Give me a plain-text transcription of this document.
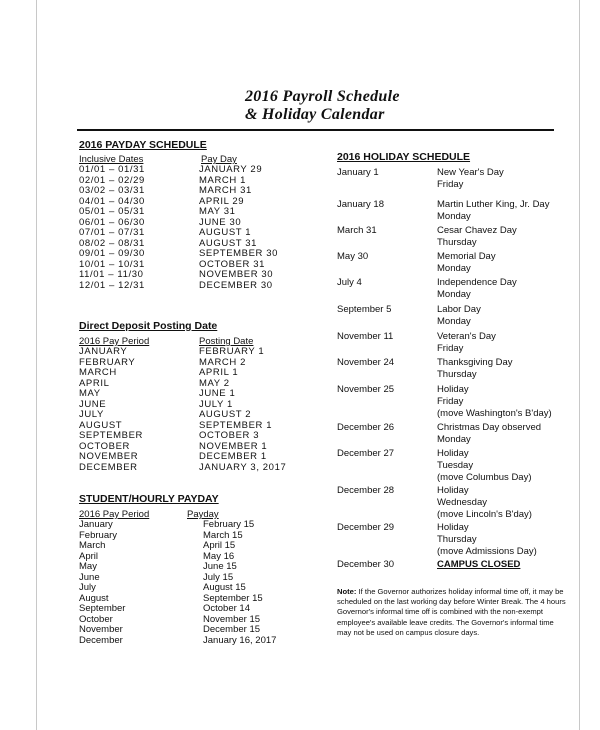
2016 Payroll Schedule
& Holiday Calendar
2016 PAYDAY SCHEDULE
Inclusive Dates	Pay Day
01/01 – 01/31	JANUARY 29
02/01 – 02/29	MARCH 1
03/02 – 03/31	MARCH 31
04/01 – 04/30	APRIL 29
05/01 – 05/31	MAY 31
06/01 – 06/30	JUNE 30
07/01 – 07/31	AUGUST 1
08/02 – 08/31	AUGUST 31
09/01 – 09/30	SEPTEMBER 30
10/01 – 10/31	OCTOBER 31
11/01 – 11/30	NOVEMBER 30
12/01 – 12/31	DECEMBER 30
Direct Deposit Posting Date
2016 Pay Period	Posting Date
JANUARY	FEBRUARY 1
FEBRUARY	MARCH 2
MARCH	APRIL 1
APRIL	MAY 2
MAY	JUNE 1
JUNE	JULY 1
JULY	AUGUST 2
AUGUST	SEPTEMBER 1
SEPTEMBER	OCTOBER 3
OCTOBER	NOVEMBER 1
NOVEMBER	DECEMBER 1
DECEMBER	JANUARY 3, 2017
STUDENT/HOURLY PAYDAY
2016 Pay Period	Payday
January	February 15
February	March 15
March	April 15
April	May 16
May	June 15
June	July 15
July	August 15
August	September 15
September	October 14
October	November 15
November	December 15
December	January 16, 2017
2016 HOLIDAY SCHEDULE
January 1	New Year's Day
Friday
January 18	Martin Luther King, Jr. Day
Monday
March 31	Cesar Chavez Day
Thursday
May 30	Memorial Day
Monday
July 4	Independence Day
Monday
September 5	Labor Day
Monday
November 11	Veteran's Day
Friday
November 24	Thanksgiving Day
Thursday
November 25	Holiday
Friday
(move Washington's B'day)
December 26	Christmas Day observed
Monday
December 27	Holiday
Tuesday
(move Columbus Day)
December 28	Holiday
Wednesday
(move Lincoln's B'day)
December 29	Holiday
Thursday
(move Admissions Day)
December 30	CAMPUS CLOSED
Note: If the Governor authorizes holiday informal time off, it may be scheduled on the last working day before Winter Break. The 4 hours Governor's informal time off is combined with the non-exempt employee's available leave credits. The Governor's informal time may not be used on campus closure days.
